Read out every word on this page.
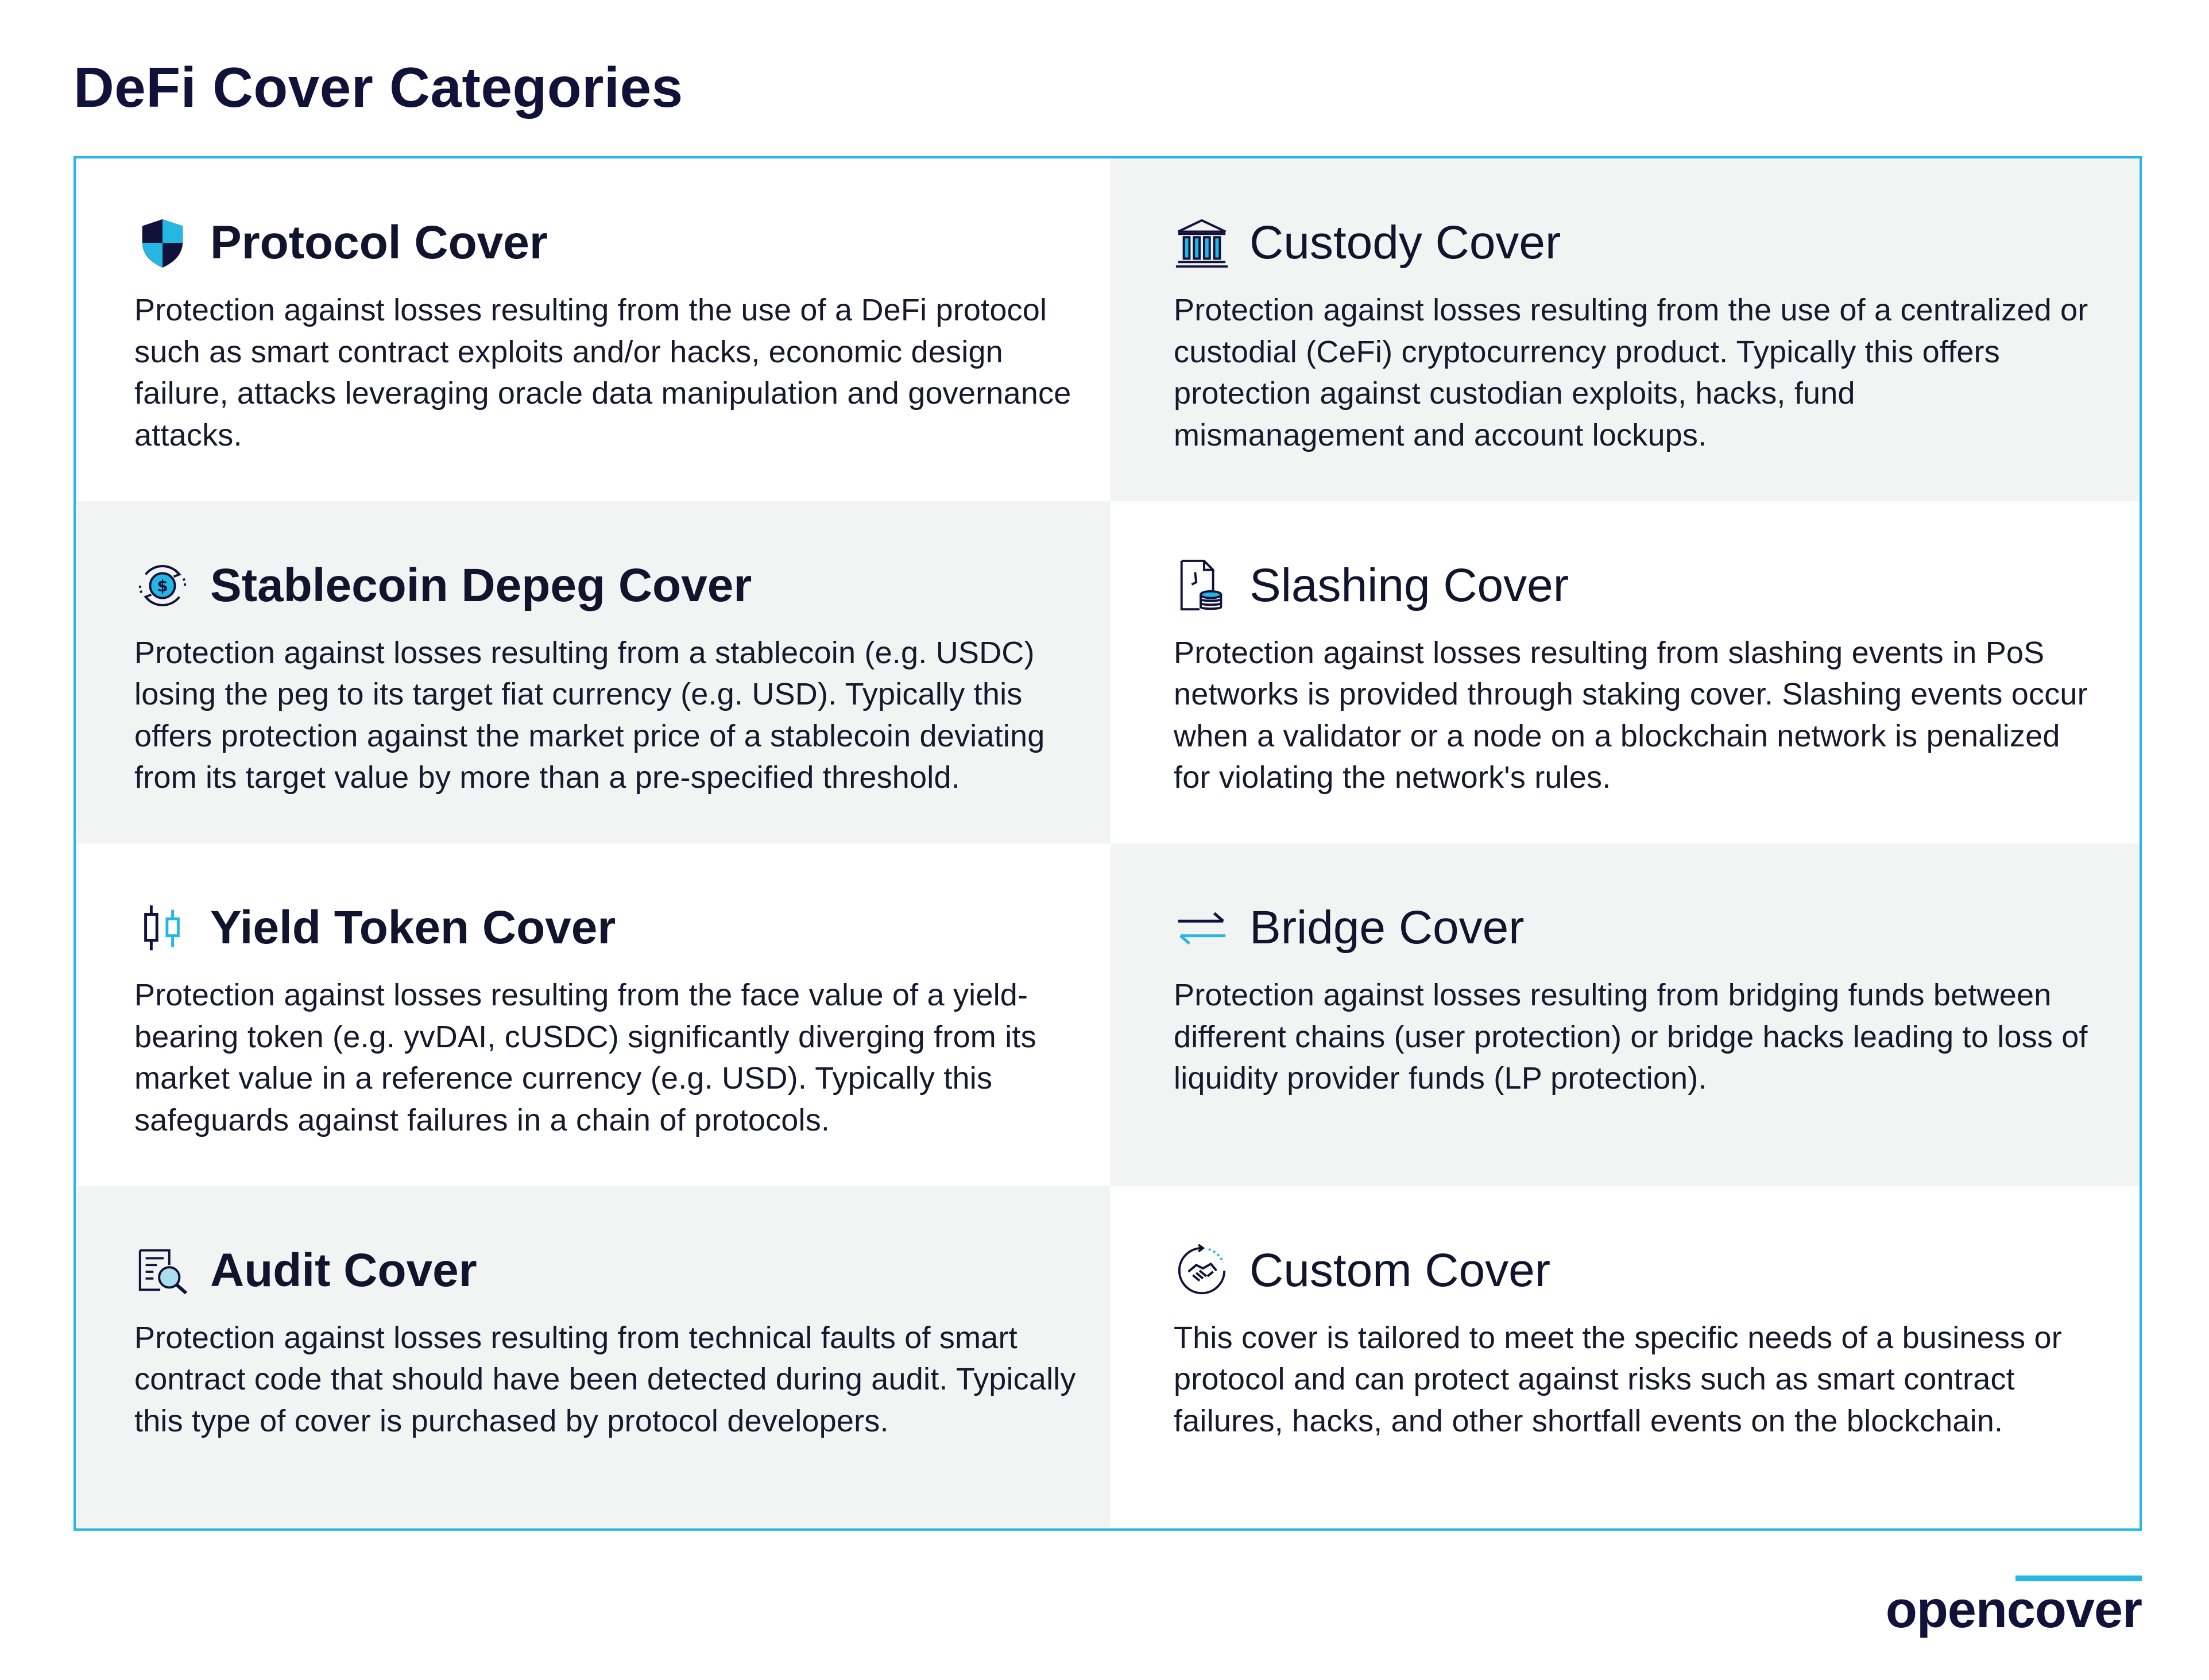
DeFi Cover Categories
Protocol Cover

Protection against losses resulting from the use of a DeFi protocol such as smart contract exploits and/or hacks, economic design failure, attacks leveraging oracle data manipulation and governance attacks.

Custody Cover

Protection against losses resulting from the use of a centralized or custodial (CeFi) cryptocurrency product. Typically this offers protection against custodian exploits, hacks, fund mismanagement and account lockups.

$ Stablecoin Depeg Cover

Protection against losses resulting from a stablecoin (e.g. USDC) losing the peg to its target fiat currency (e.g. USD). Typically this offers protection against the market price of a stablecoin deviating from its target value by more than a pre-specified threshold.

Slashing Cover

Protection against losses resulting from slashing events in PoS networks is provided through staking cover. Slashing events occur when a validator or a node on a blockchain network is penalized for violating the network's rules.

Yield Token Cover

Protection against losses resulting from the face value of a yield-bearing token (e.g. yvDAI, cUSDC) significantly diverging from its market value in a reference currency (e.g. USD). Typically this safeguards against failures in a chain of protocols.

Bridge Cover

Protection against losses resulting from bridging funds between different chains (user protection) or bridge hacks leading to loss of liquidity provider funds (LP protection).

Audit Cover

Protection against losses resulting from technical faults of smart contract code that should have been detected during audit. Typically this type of cover is purchased by protocol developers.

Custom Cover

This cover is tailored to meet the specific needs of a business or protocol and can protect against risks such as smart contract failures, hacks, and other shortfall events on the blockchain.

opencover
